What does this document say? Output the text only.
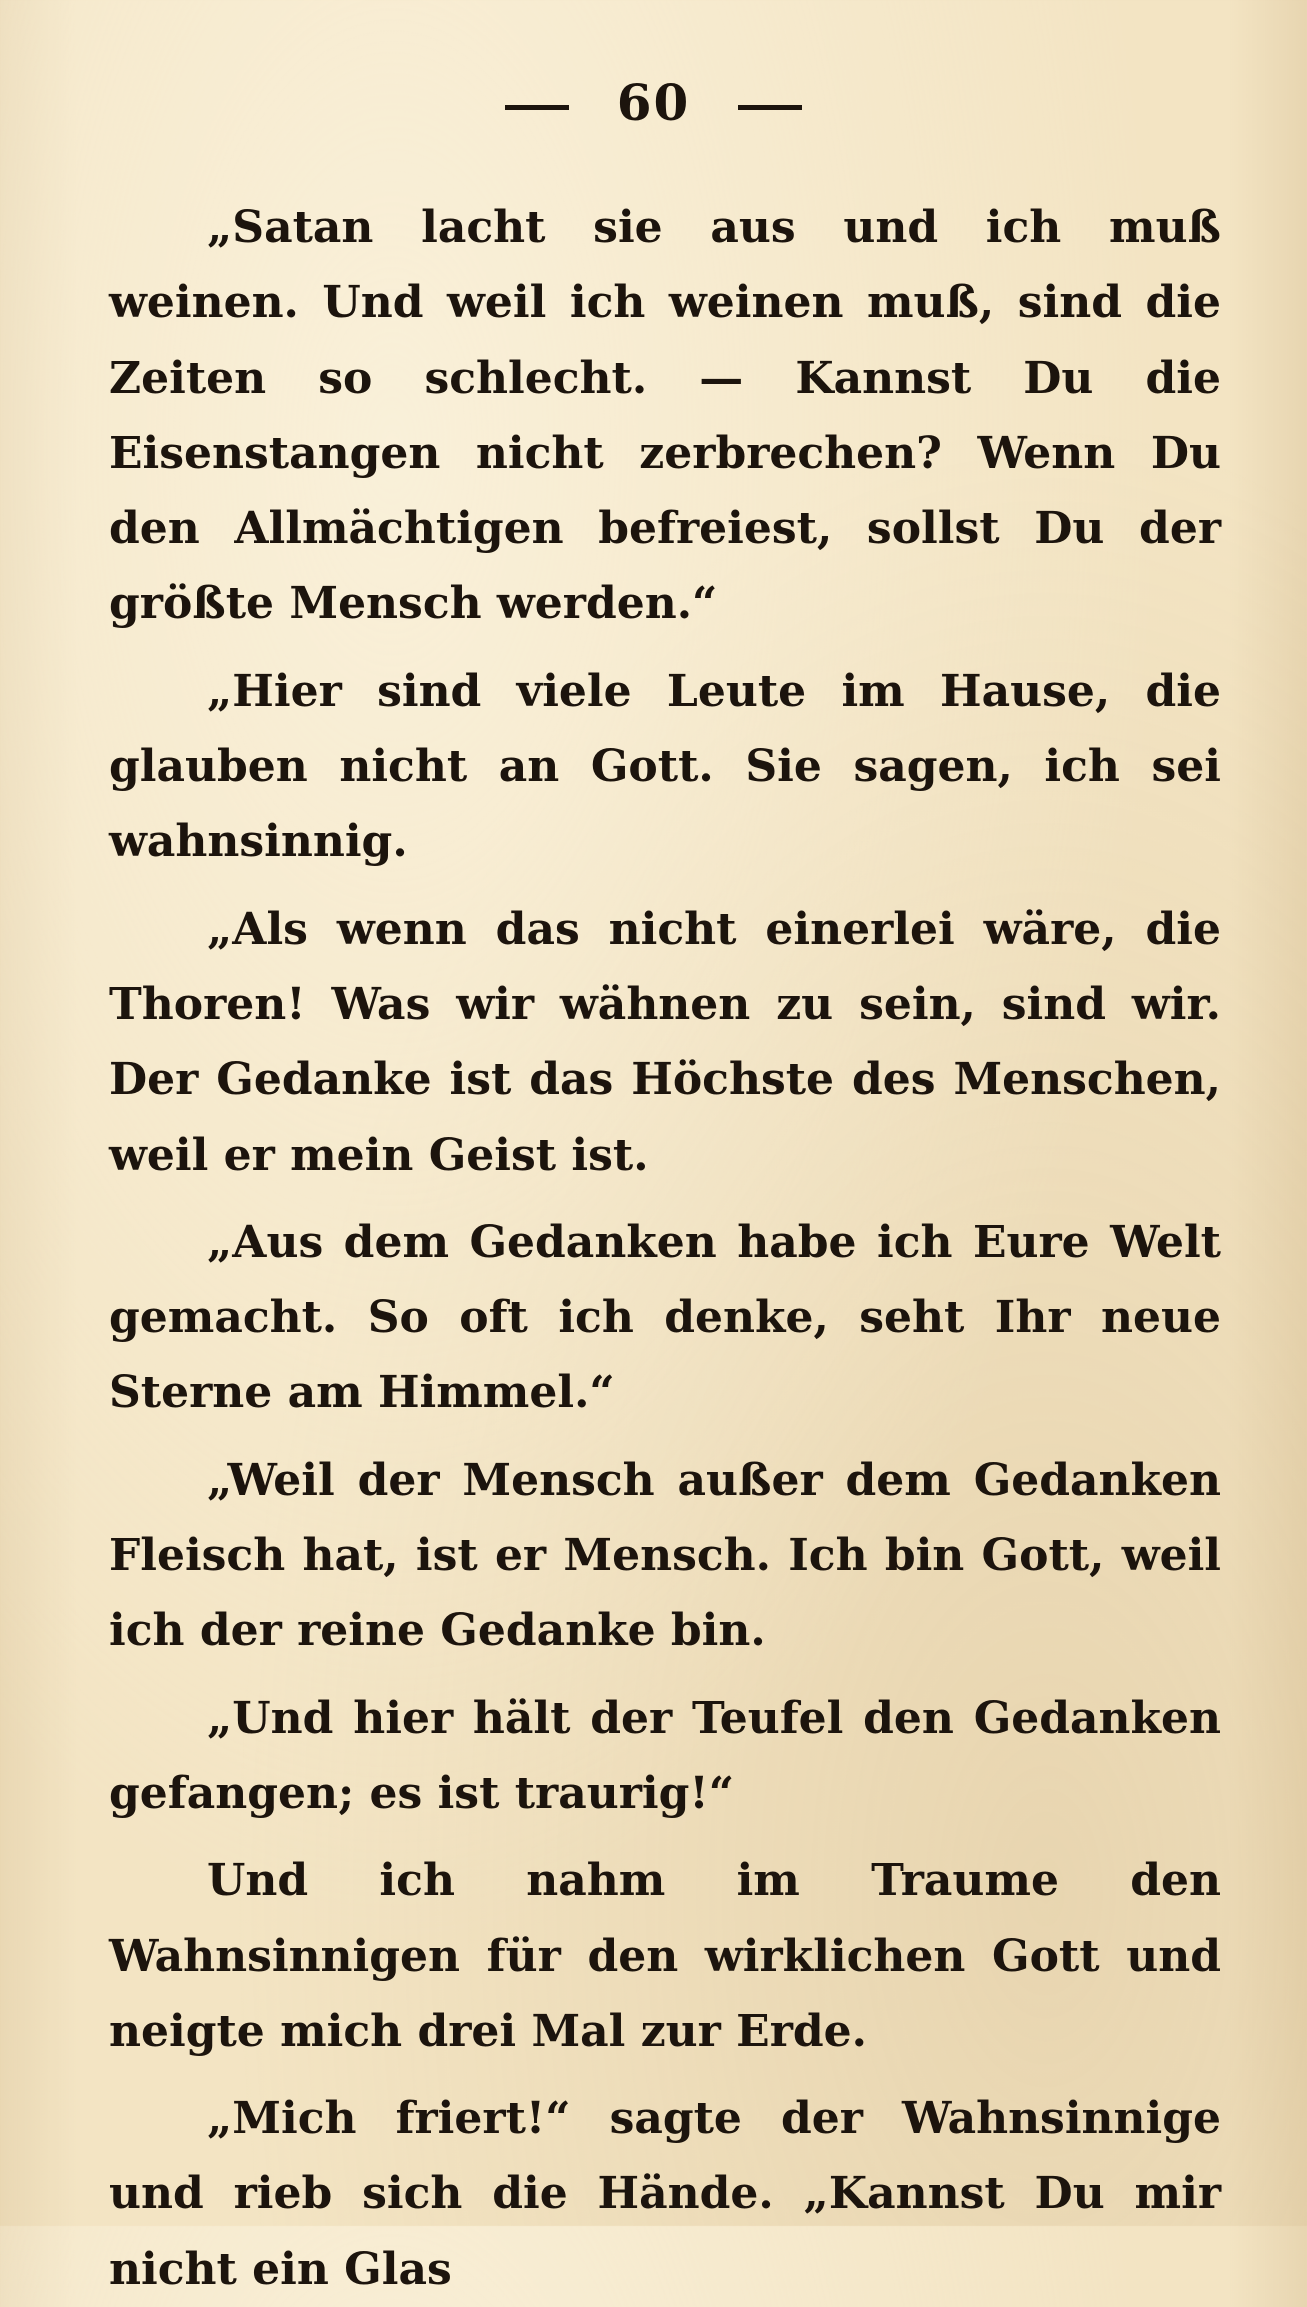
60

„Satan lacht sie aus und ich muß weinen. Und weil ich weinen muß, sind die Zeiten so schlecht. — Kannst Du die Eisenstangen nicht zerbrechen? Wenn Du den Allmächtigen befreiest, sollst Du der größte Mensch werden.“

„Hier sind viele Leute im Hause, die glauben nicht an Gott. Sie sagen, ich sei wahnsinnig.

„Als wenn das nicht einerlei wäre, die Thoren! Was wir wähnen zu sein, sind wir. Der Gedanke ist das Höchste des Menschen, weil er mein Geist ist.

„Aus dem Gedanken habe ich Eure Welt gemacht. So oft ich denke, seht Ihr neue Sterne am Himmel.“

„Weil der Mensch außer dem Gedanken Fleisch hat, ist er Mensch. Ich bin Gott, weil ich der reine Gedanke bin.

„Und hier hält der Teufel den Gedanken gefangen; es ist traurig!“

Und ich nahm im Traume den Wahnsinnigen für den wirklichen Gott und neigte mich drei Mal zur Erde.

„Mich friert!“ sagte der Wahnsinnige und rieb sich die Hände. „Kannst Du mir nicht ein Glas
